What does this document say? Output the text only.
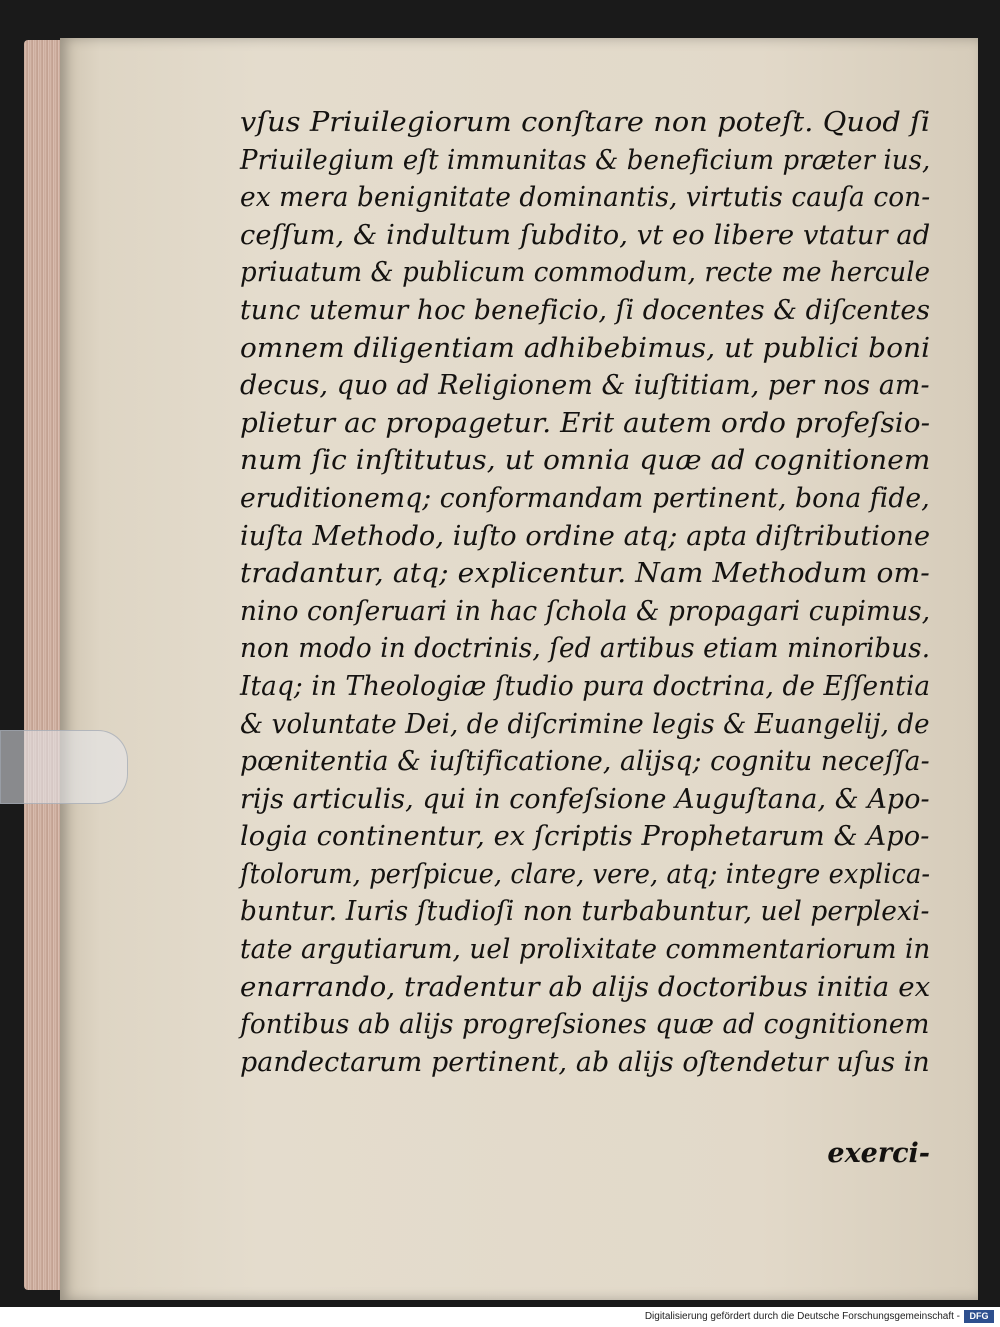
vſus Priuilegiorum conſtare non poteſt. Quod ſi
Priuilegium eſt immunitas & beneficium præter ius,
ex mera benignitate dominantis, virtutis cauſa con-
ceſſum, & indultum ſubdito, vt eo libere vtatur ad
priuatum & publicum commodum, recte me hercule
tunc utemur hoc beneficio, ſi docentes & diſcentes
omnem diligentiam adhibebimus, ut publici boni
decus, quo ad Religionem & iuſtitiam, per nos am-
plietur ac propagetur. Erit autem ordo profeſsio-
num ſic inſtitutus, ut omnia quæ ad cognitionem
eruditionemq; conformandam pertinent, bona fide,
iuſta Methodo, iuſto ordine atq; apta diſtributione
tradantur, atq; explicentur. Nam Methodum om-
nino conſeruari in hac ſchola & propagari cupimus,
non modo in doctrinis, ſed artibus etiam minoribus.
Itaq; in Theologiæ ſtudio pura doctrina, de Eſſentia
& voluntate Dei, de diſcrimine legis & Euangelij, de
pœnitentia & iuſtificatione, alijsq; cognitu neceſſa-
rijs articulis, qui in confeſsione Auguſtana, & Apo-
logia continentur, ex ſcriptis Prophetarum & Apo-
ſtolorum, perſpicue, clare, vere, atq; integre explica-
buntur. Iuris ſtudioſi non turbabuntur, uel perplexi-
tate argutiarum, uel prolixitate commentariorum in
enarrando, tradentur ab alijs doctoribus initia ex
fontibus ab alijs progreſsiones quæ ad cognitionem
pandectarum pertinent, ab alijs oſtendetur uſus in
exerci-
Digitalisierung gefördert durch die Deutsche Forschungsgemeinschaft -	DFG
